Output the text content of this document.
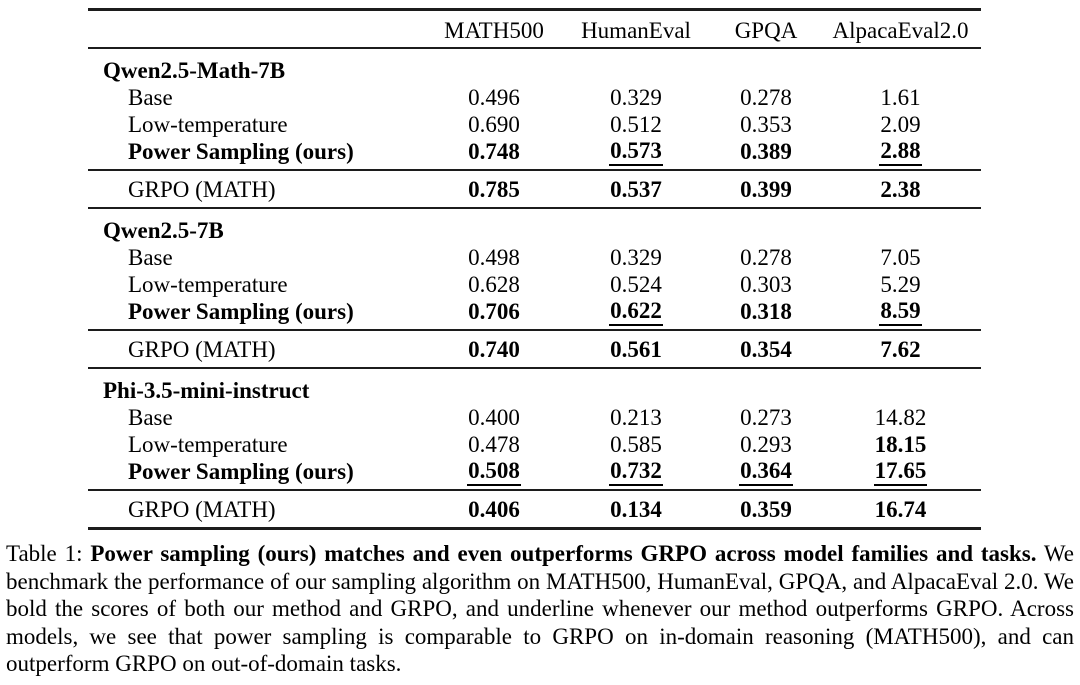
MATH500	HumanEval	GPQA	AlpacaEval2.0
Qwen2.5-Math-7B
Base	0.496	0.329	0.278	1.61
Low-temperature	0.690	0.512	0.353	2.09
Power Sampling (ours)	0.748	0.573	0.389	2.88
GRPO (MATH)	0.785	0.537	0.399	2.38
Qwen2.5-7B
Base	0.498	0.329	0.278	7.05
Low-temperature	0.628	0.524	0.303	5.29
Power Sampling (ours)	0.706	0.622	0.318	8.59
GRPO (MATH)	0.740	0.561	0.354	7.62
Phi-3.5-mini-instruct
Base	0.400	0.213	0.273	14.82
Low-temperature	0.478	0.585	0.293	18.15
Power Sampling (ours)	0.508	0.732	0.364	17.65
GRPO (MATH)	0.406	0.134	0.359	16.74

Table 1: Power sampling (ours) matches and even outperforms GRPO across model families and tasks. We benchmark the performance of our sampling algorithm on MATH500, HumanEval, GPQA, and AlpacaEval 2.0. We bold the scores of both our method and GRPO, and underline whenever our method outperforms GRPO. Across models, we see that power sampling is comparable to GRPO on in-domain reasoning (MATH500), and can outperform GRPO on out-of-domain tasks.
